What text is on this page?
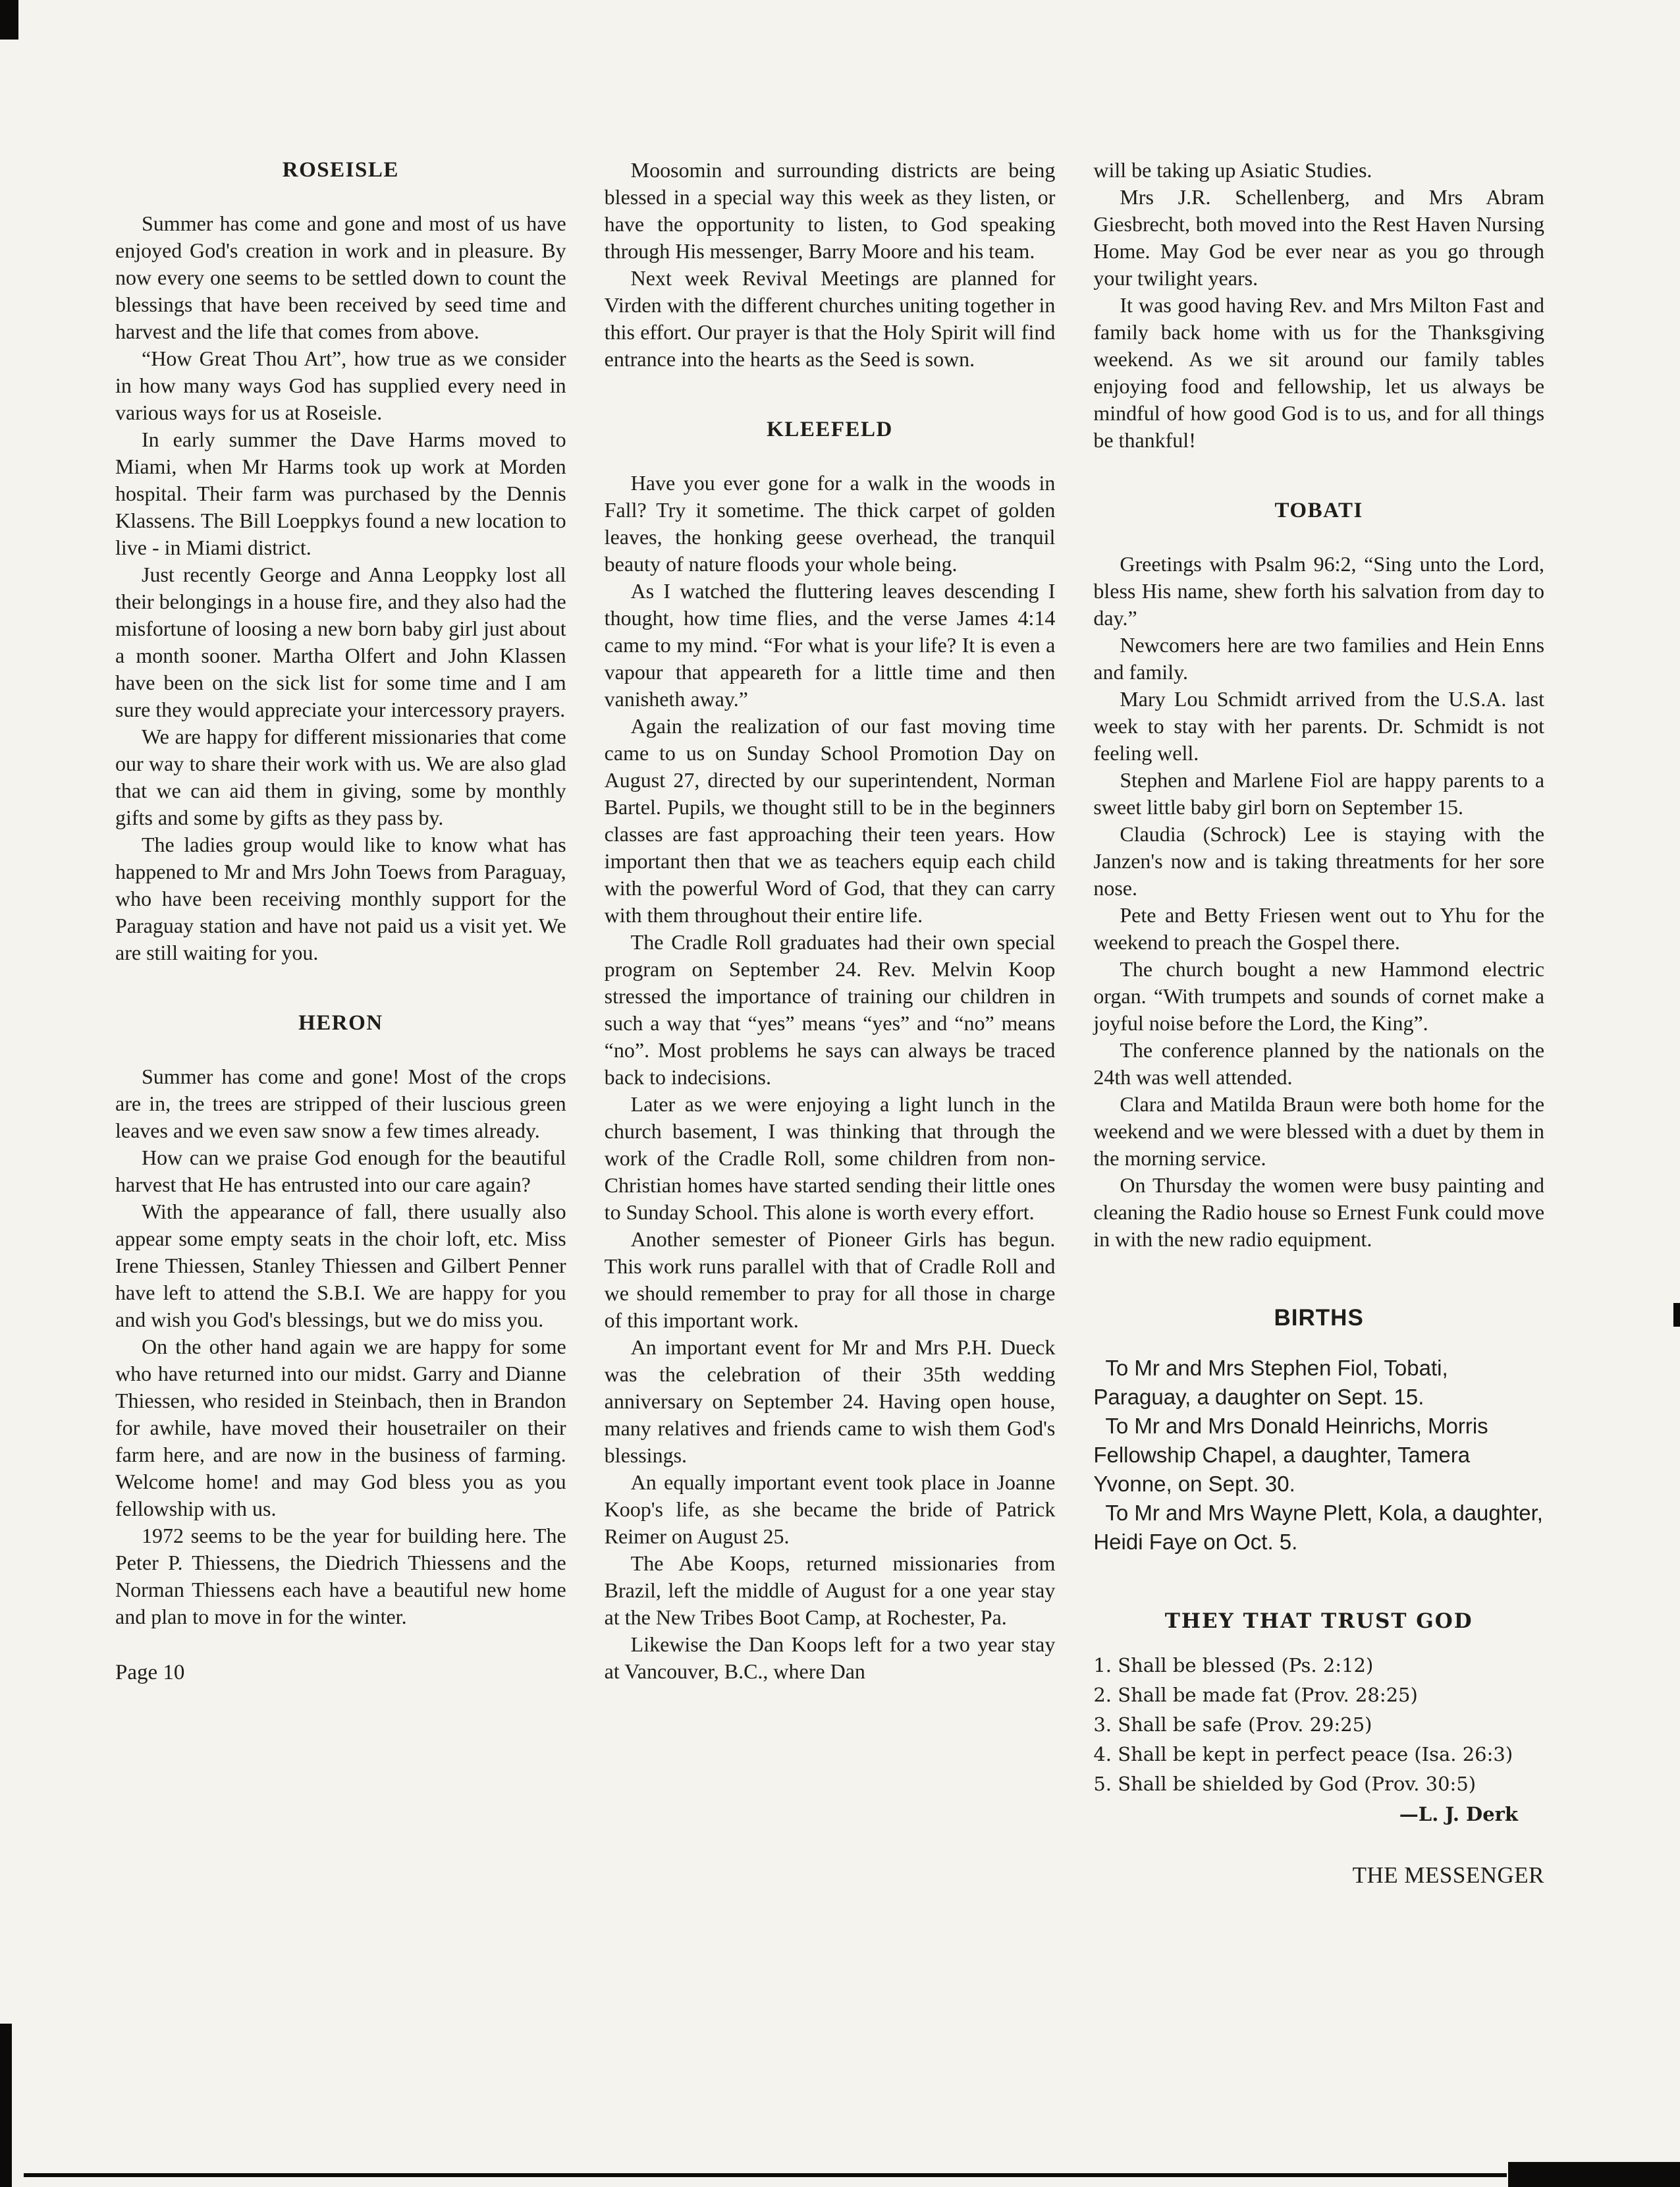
ROSEISLE
Summer has come and gone and most of us have enjoyed God's creation in work and in pleasure. By now every one seems to be settled down to count the blessings that have been received by seed time and harvest and the life that comes from above.
“How Great Thou Art”, how true as we consider in how many ways God has supplied every need in various ways for us at Roseisle.
In early summer the Dave Harms moved to Miami, when Mr Harms took up work at Morden hospital. Their farm was purchased by the Dennis Klassens. The Bill Loeppkys found a new location to live - in Miami district.
Just recently George and Anna Leoppky lost all their belongings in a house fire, and they also had the misfortune of loosing a new born baby girl just about a month sooner. Martha Olfert and John Klassen have been on the sick list for some time and I am sure they would appreciate your intercessory prayers.
We are happy for different missionaries that come our way to share their work with us. We are also glad that we can aid them in giving, some by monthly gifts and some by gifts as they pass by.
The ladies group would like to know what has happened to Mr and Mrs John Toews from Paraguay, who have been receiving monthly support for the Paraguay station and have not paid us a visit yet. We are still waiting for you.
HERON
Summer has come and gone! Most of the crops are in, the trees are stripped of their luscious green leaves and we even saw snow a few times already.
How can we praise God enough for the beautiful harvest that He has entrusted into our care again?
With the appearance of fall, there usually also appear some empty seats in the choir loft, etc. Miss Irene Thiessen, Stanley Thiessen and Gilbert Penner have left to attend the S.B.I. We are happy for you and wish you God's blessings, but we do miss you.
On the other hand again we are happy for some who have returned into our midst. Garry and Dianne Thiessen, who resided in Steinbach, then in Brandon for awhile, have moved their housetrailer on their farm here, and are now in the business of farming. Welcome home! and may God bless you as you fellowship with us.
1972 seems to be the year for building here. The Peter P. Thiessens, the Diedrich Thiessens and the Norman Thiessens each have a beautiful new home and plan to move in for the winter.
Page 10
Moosomin and surrounding districts are being blessed in a special way this week as they listen, or have the opportunity to listen, to God speaking through His messenger, Barry Moore and his team.
Next week Revival Meetings are planned for Virden with the different churches uniting together in this effort. Our prayer is that the Holy Spirit will find entrance into the hearts as the Seed is sown.
KLEEFELD
Have you ever gone for a walk in the woods in Fall? Try it sometime. The thick carpet of golden leaves, the honking geese overhead, the tranquil beauty of nature floods your whole being.
As I watched the fluttering leaves descending I thought, how time flies, and the verse James 4:14 came to my mind. “For what is your life? It is even a vapour that appeareth for a little time and then vanisheth away.”
Again the realization of our fast moving time came to us on Sunday School Promotion Day on August 27, directed by our superintendent, Norman Bartel. Pupils, we thought still to be in the beginners classes are fast approaching their teen years. How important then that we as teachers equip each child with the powerful Word of God, that they can carry with them throughout their entire life.
The Cradle Roll graduates had their own special program on September 24. Rev. Melvin Koop stressed the importance of training our children in such a way that “yes” means “yes” and “no” means “no”. Most problems he says can always be traced back to indecisions.
Later as we were enjoying a light lunch in the church basement, I was thinking that through the work of the Cradle Roll, some children from non-Christian homes have started sending their little ones to Sunday School. This alone is worth every effort.
Another semester of Pioneer Girls has begun. This work runs parallel with that of Cradle Roll and we should remember to pray for all those in charge of this important work.
An important event for Mr and Mrs P.H. Dueck was the celebration of their 35th wedding anniversary on September 24. Having open house, many relatives and friends came to wish them God's blessings.
An equally important event took place in Joanne Koop's life, as she became the bride of Patrick Reimer on August 25.
The Abe Koops, returned missionaries from Brazil, left the middle of August for a one year stay at the New Tribes Boot Camp, at Rochester, Pa.
Likewise the Dan Koops left for a two year stay at Vancouver, B.C., where Dan
will be taking up Asiatic Studies.
Mrs J.R. Schellenberg, and Mrs Abram Giesbrecht, both moved into the Rest Haven Nursing Home. May God be ever near as you go through your twilight years.
It was good having Rev. and Mrs Milton Fast and family back home with us for the Thanksgiving weekend. As we sit around our family tables enjoying food and fellowship, let us always be mindful of how good God is to us, and for all things be thankful!
TOBATI
Greetings with Psalm 96:2, “Sing unto the Lord, bless His name, shew forth his salvation from day to day.”
Newcomers here are two families and Hein Enns and family.
Mary Lou Schmidt arrived from the U.S.A. last week to stay with her parents. Dr. Schmidt is not feeling well.
Stephen and Marlene Fiol are happy parents to a sweet little baby girl born on September 15.
Claudia (Schrock) Lee is staying with the Janzen's now and is taking threatments for her sore nose.
Pete and Betty Friesen went out to Yhu for the weekend to preach the Gospel there.
The church bought a new Hammond electric organ. “With trumpets and sounds of cornet make a joyful noise before the Lord, the King”.
The conference planned by the nationals on the 24th was well attended.
Clara and Matilda Braun were both home for the weekend and we were blessed with a duet by them in the morning service.
On Thursday the women were busy painting and cleaning the Radio house so Ernest Funk could move in with the new radio equipment.
BIRTHS
To Mr and Mrs Stephen Fiol, Tobati, Paraguay, a daughter on Sept. 15.
To Mr and Mrs Donald Heinrichs, Morris Fellowship Chapel, a daughter, Tamera Yvonne, on Sept. 30.
To Mr and Mrs Wayne Plett, Kola, a daughter, Heidi Faye on Oct. 5.
THEY THAT TRUST GOD
1. Shall be blessed (Ps. 2:12)
2. Shall be made fat (Prov. 28:25)
3. Shall be safe (Prov. 29:25)
4. Shall be kept in perfect peace (Isa. 26:3)
5. Shall be shielded by God (Prov. 30:5)
—L. J. Derk
THE MESSENGER
